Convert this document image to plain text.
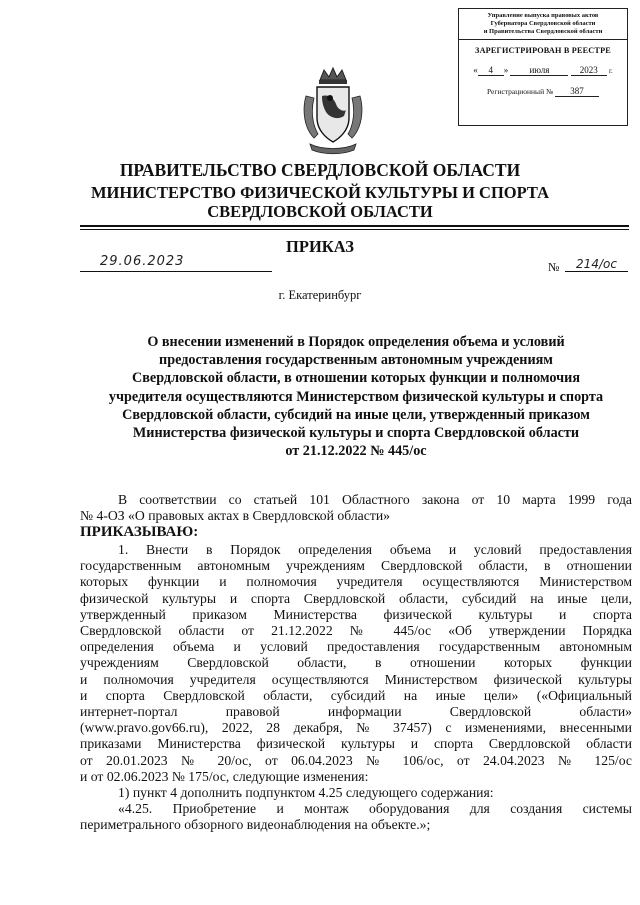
Управление выпуска правовых актов
Губернатора Свердловской области
и Правительства Свердловской области
ЗАРЕГИСТРИРОВАН В РЕЕСТРЕ
« 4 » июля	2023 г.
Регистрационный № 387
ПРАВИТЕЛЬСТВО СВЕРДЛОВСКОЙ ОБЛАСТИ
МИНИСТЕРСТВО ФИЗИЧЕСКОЙ КУЛЬТУРЫ И СПОРТА
СВЕРДЛОВСКОЙ ОБЛАСТИ
ПРИКАЗ
29.06.2023	№	214/ос
г. Екатеринбург
О внесении изменений в Порядок определения объема и условий
предоставления государственным автономным учреждениям
Свердловской области, в отношении которых функции и полномочия
учредителя осуществляются Министерством физической культуры и спорта
Свердловской области, субсидий на иные цели, утвержденный приказом
Министерства физической культуры и спорта Свердловской области
от 21.12.2022 № 445/ос
В соответствии со статьей 101 Областного закона от 10 марта 1999 года
№ 4-ОЗ «О правовых актах в Свердловской области»
ПРИКАЗЫВАЮ:
1. Внести в Порядок определения объема и условий предоставления
государственным автономным учреждениям Свердловской области, в отношении
которых функции и полномочия учредителя осуществляются Министерством
физической культуры и спорта Свердловской области, субсидий на иные цели,
утвержденный приказом Министерства физической культуры и спорта
Свердловской области от 21.12.2022 № 445/ос «Об утверждении Порядка
определения объема и условий предоставления государственным автономным
учреждениям Свердловской области, в отношении которых функции
и полномочия учредителя осуществляются Министерством физической культуры
и спорта Свердловской области, субсидий на иные цели» («Официальный
интернет-портал правовой информации Свердловской области»
(www.pravo.gov66.ru), 2022, 28 декабря, № 37457) с изменениями, внесенными
приказами Министерства физической культуры и спорта Свердловской области
от 20.01.2023 № 20/ос, от 06.04.2023 № 106/ос, от 24.04.2023 № 125/ос
и от 02.06.2023 № 175/ос, следующие изменения:
1) пункт 4 дополнить подпунктом 4.25 следующего содержания:
«4.25. Приобретение и монтаж оборудования для создания системы
периметрального обзорного видеонаблюдения на объекте.»;
